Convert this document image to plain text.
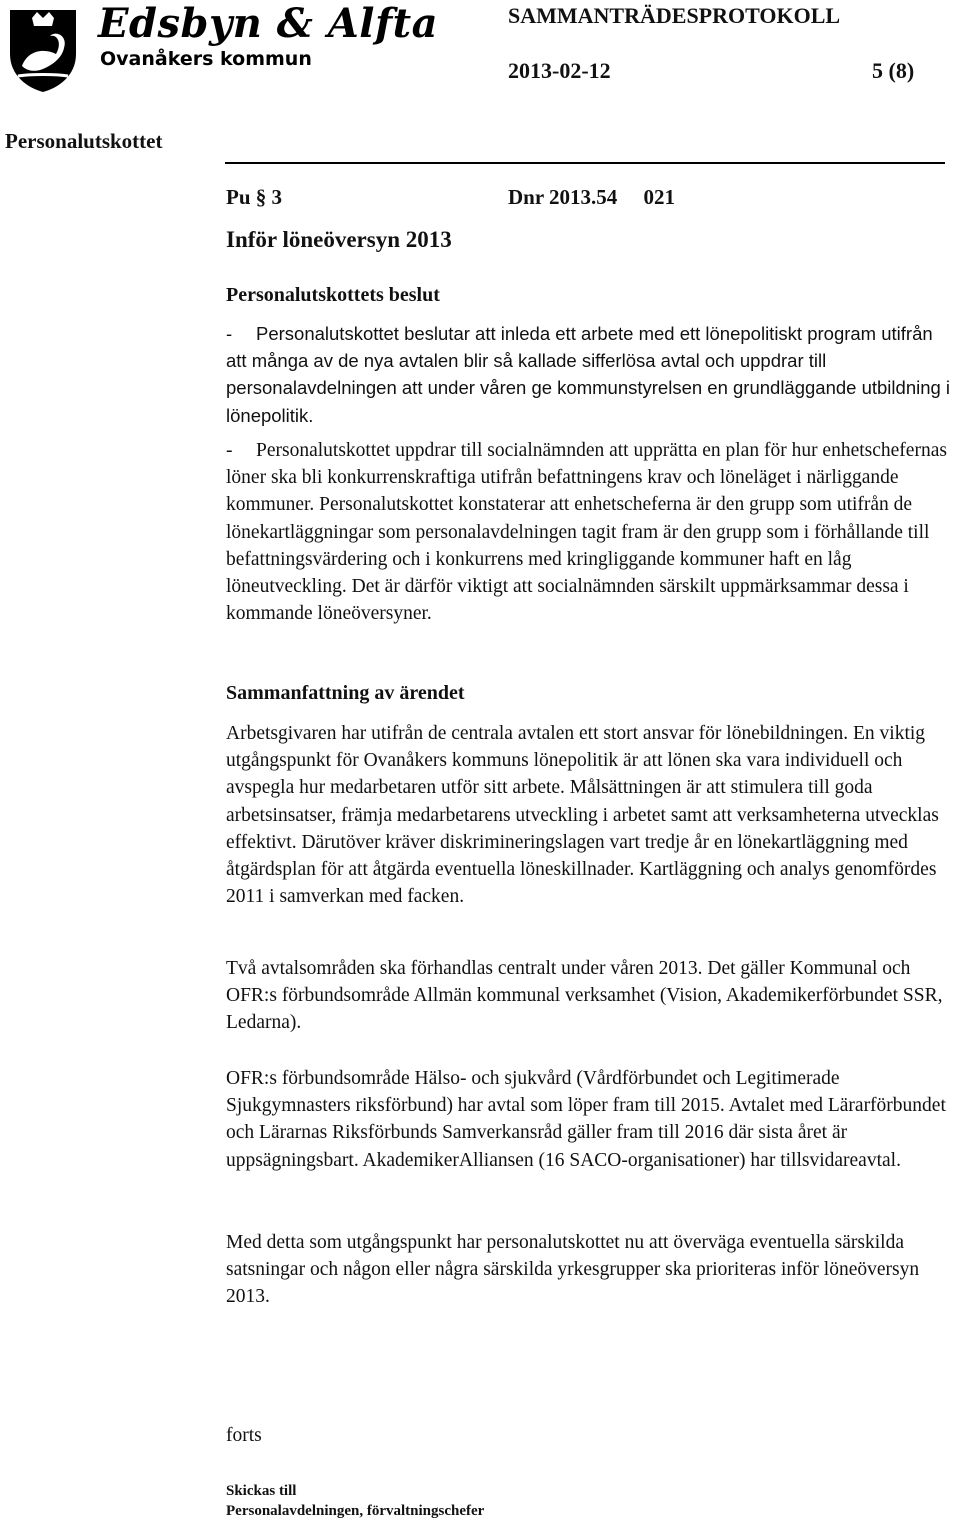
Edsbyn & Alfta
Ovanåkers kommun
SAMMANTRÄDESPROTOKOLL
2013-02-12	5 (8)
Personalutskottet
Pu § 3	Dnr 2013.54     021
Inför löneöversyn 2013
Personalutskottets beslut
- Personalutskottet beslutar att inleda ett arbete med ett lönepolitiskt program utifrån att många av de nya avtalen blir så kallade sifferlösa avtal och uppdrar till personalavdelningen att under våren ge kommunstyrelsen en grundläggande utbildning i lönepolitik.
- Personalutskottet uppdrar till socialnämnden att upprätta en plan för hur enhetschefernas löner ska bli konkurrenskraftiga utifrån befattningens krav och löneläget i närliggande kommuner. Personalutskottet konstaterar att enhetscheferna är den grupp som utifrån de lönekartläggningar som personalavdelningen tagit fram är den grupp som i förhållande till befattningsvärdering och i konkurrens med kringliggande kommuner haft en låg löneutveckling. Det är därför viktigt att socialnämnden särskilt uppmärksammar dessa i kommande löneöversyner.
Sammanfattning av ärendet
Arbetsgivaren har utifrån de centrala avtalen ett stort ansvar för lönebildningen. En viktig utgångspunkt för Ovanåkers kommuns lönepolitik är att lönen ska vara individuell och avspegla hur medarbetaren utför sitt arbete. Målsättningen är att stimulera till goda arbetsinsatser, främja medarbetarens utveckling i arbetet samt att verksamheterna utvecklas effektivt. Därutöver kräver diskrimineringslagen vart tredje år en lönekartläggning med åtgärdsplan för att åtgärda eventuella löneskillnader. Kartläggning och analys genomfördes 2011 i samverkan med facken.
Två avtalsområden ska förhandlas centralt under våren 2013. Det gäller Kommunal och OFR:s förbundsområde Allmän kommunal verksamhet (Vision, Akademikerförbundet SSR, Ledarna).
OFR:s förbundsområde Hälso- och sjukvård (Vårdförbundet och Legitimerade Sjukgymnasters riksförbund) har avtal som löper fram till 2015. Avtalet med Lärarförbundet och Lärarnas Riksförbunds Samverkansråd gäller fram till 2016 där sista året är uppsägningsbart. AkademikerAlliansen (16 SACO-organisationer) har tillsvidareavtal.
Med detta som utgångspunkt har personalutskottet nu att överväga eventuella särskilda satsningar och någon eller några särskilda yrkesgrupper ska prioriteras inför löneöversyn 2013.
forts
Skickas till
Personalavdelningen, förvaltningschefer
